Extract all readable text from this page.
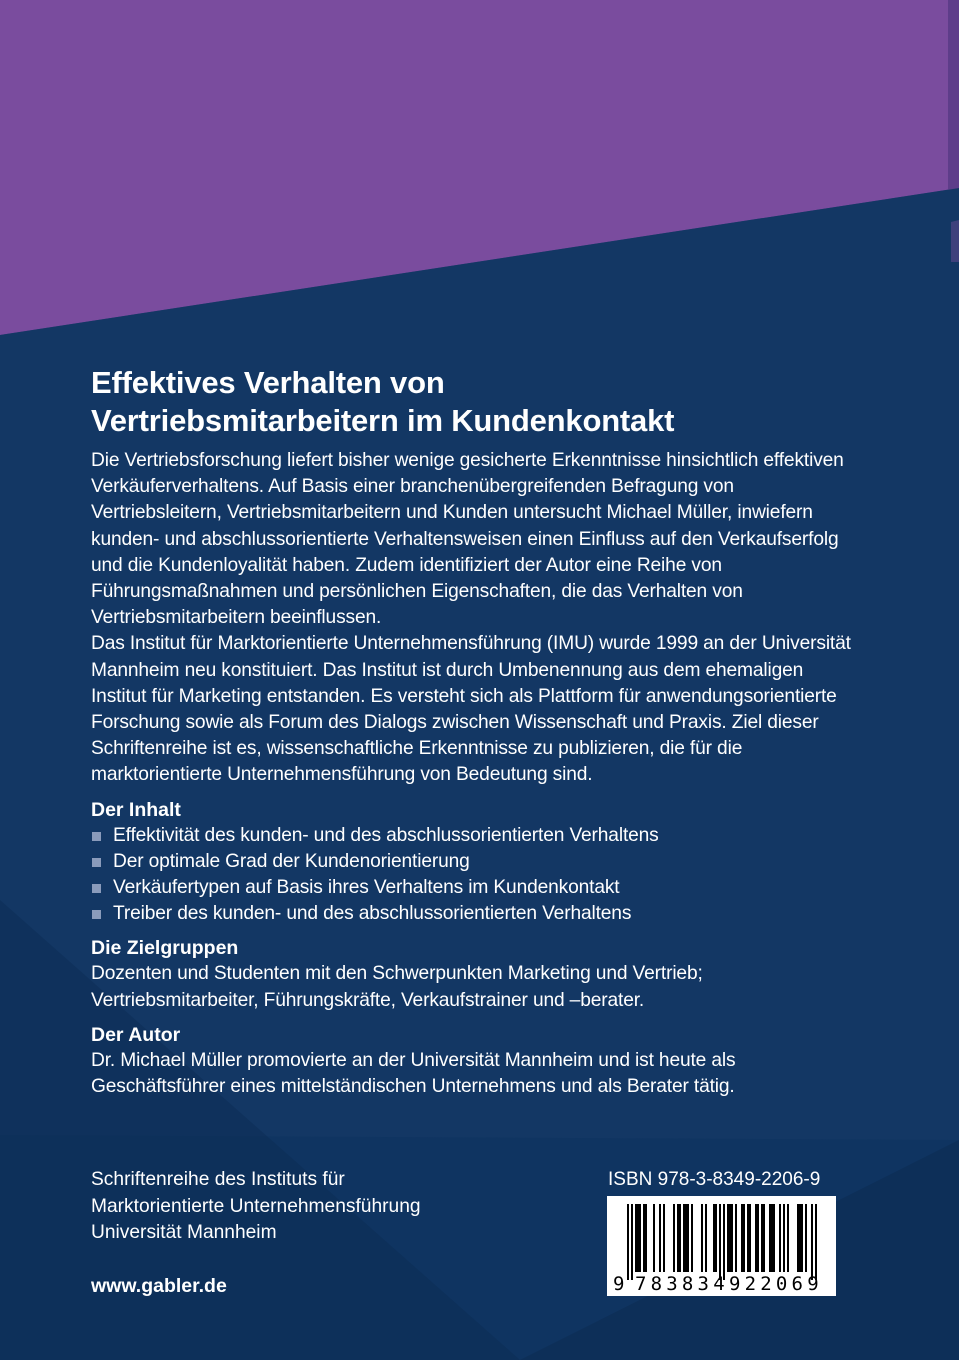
Effektives Verhalten von
Vertriebsmitarbeitern im Kundenkontakt
Die Vertriebsforschung liefert bisher wenige gesicherte Erkenntnisse hinsichtlich effektiven Verkäuferverhaltens. Auf Basis einer branchenübergreifenden Befragung von Vertriebsleitern, Vertriebsmitarbeitern und Kunden untersucht Michael Müller, inwiefern kunden- und abschlussorientierte Verhaltensweisen einen Einfluss auf den Verkaufserfolg und die Kundenloyalität haben. Zudem identifiziert der Autor eine Reihe von Führungsmaßnahmen und persönlichen Eigenschaften, die das Verhalten von Vertriebsmitarbeitern beeinflussen.
Das Institut für Marktorientierte Unternehmensführung (IMU) wurde 1999 an der Universität Mannheim neu konstituiert. Das Institut ist durch Umbenennung aus dem ehemaligen Institut für Marketing entstanden. Es versteht sich als Plattform für anwendungsorientierte Forschung sowie als Forum des Dialogs zwischen Wissenschaft und Praxis. Ziel dieser Schriftenreihe ist es, wissenschaftliche Erkenntnisse zu publizieren, die für die marktorientierte Unternehmensführung von Bedeutung sind.
Der Inhalt
Effektivität des kunden- und des abschlussorientierten Verhaltens
Der optimale Grad der Kundenorientierung
Verkäufertypen auf Basis ihres Verhaltens im Kundenkontakt
Treiber des kunden- und des abschlussorientierten Verhaltens
Die Zielgruppen
Dozenten und Studenten mit den Schwerpunkten Marketing und Vertrieb;
Vertriebsmitarbeiter, Führungskräfte, Verkaufstrainer und –berater.
Der Autor
Dr. Michael Müller promovierte an der Universität Mannheim und ist heute als
Geschäftsführer eines mittelständischen Unternehmens und als Berater tätig.
Schriftenreihe des Instituts für
Marktorientierte Unternehmensführung
Universität Mannheim
www.gabler.de
ISBN 978-3-8349-2206-9
9 783834 922069
